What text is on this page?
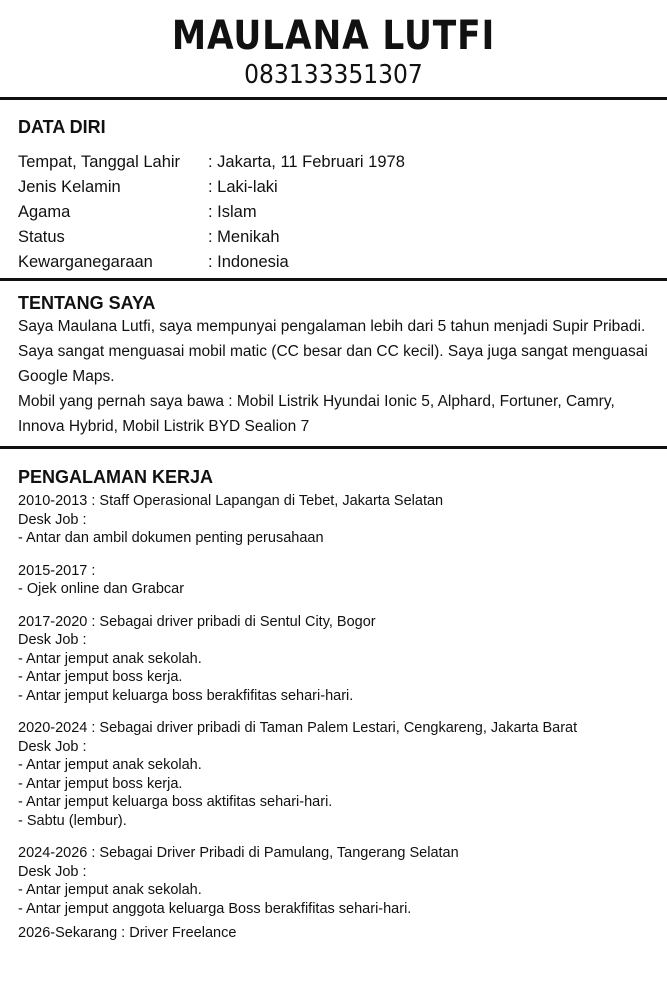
MAULANA LUTFI
083133351307
DATA DIRI
Tempat, Tanggal Lahir	: Jakarta, 11 Februari 1978
Jenis Kelamin	: Laki-laki
Agama	: Islam
Status	: Menikah
Kewarganegaraan	: Indonesia
TENTANG SAYA
Saya Maulana Lutfi, saya mempunyai pengalaman lebih dari 5 tahun menjadi Supir Pribadi.
Saya sangat menguasai mobil matic (CC besar dan CC kecil). Saya juga sangat menguasai
Google Maps.
Mobil yang pernah saya bawa : Mobil Listrik Hyundai Ionic 5, Alphard, Fortuner, Camry,
Innova Hybrid, Mobil Listrik BYD Sealion 7
PENGALAMAN KERJA
2010-2013 : Staff Operasional Lapangan di Tebet, Jakarta Selatan
Desk Job :
- Antar dan ambil dokumen penting perusahaan
2015-2017 :
- Ojek online dan Grabcar
2017-2020 : Sebagai driver pribadi di Sentul City, Bogor
Desk Job :
- Antar jemput anak sekolah.
- Antar jemput boss kerja.
- Antar jemput keluarga boss berakfifitas sehari-hari.
2020-2024 : Sebagai driver pribadi di Taman Palem Lestari, Cengkareng, Jakarta Barat
Desk Job :
- Antar jemput anak sekolah.
- Antar jemput boss kerja.
- Antar jemput keluarga boss aktifitas sehari-hari.
- Sabtu (lembur).
2024-2026 : Sebagai Driver Pribadi di Pamulang, Tangerang Selatan
Desk Job :
- Antar jemput anak sekolah.
- Antar jemput anggota keluarga Boss berakfifitas sehari-hari.
2026-Sekarang : Driver Freelance
